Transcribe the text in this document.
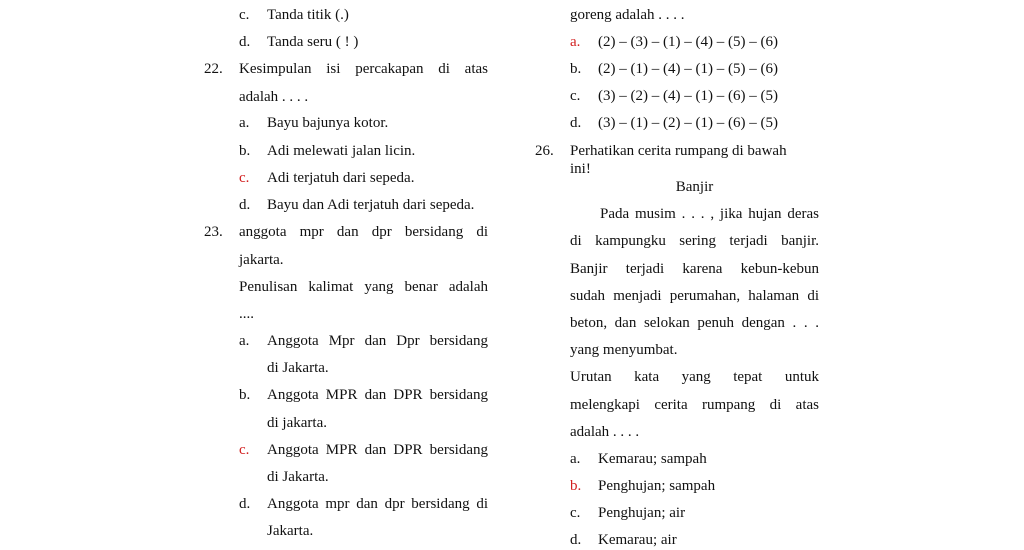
c. Tanda titik (.)
d. Tanda seru ( ! )
22. Kesimpulan isi percakapan di atas
adalah . . . .
a. Bayu bajunya kotor.
b. Adi melewati jalan licin.
c. Adi terjatuh dari sepeda.
d. Bayu dan Adi terjatuh dari sepeda.
23. anggota mpr dan dpr bersidang di
jakarta.
Penulisan kalimat yang benar adalah
....
a. Anggota Mpr dan Dpr bersidang
di Jakarta.
b. Anggota MPR dan DPR bersidang
di jakarta.
c. Anggota MPR dan DPR bersidang
di Jakarta.
d. Anggota mpr dan dpr bersidang di
Jakarta.
goreng adalah . . . .
a. (2) – (3) – (1) – (4) – (5) – (6)
b. (2) – (1) – (4) – (1) – (5) – (6)
c. (3) – (2) – (4) – (1) – (6) – (5)
d. (3) – (1) – (2) – (1) – (6) – (5)
26. Perhatikan cerita rumpang di bawah
ini!
Banjir
Pada musim . . . , jika hujan deras
di kampungku sering terjadi banjir.
Banjir terjadi karena kebun-kebun
sudah menjadi perumahan, halaman di
beton, dan selokan penuh dengan . . .
yang menyumbat.
Urutan kata yang tepat untuk
melengkapi cerita rumpang di atas
adalah . . . .
a. Kemarau; sampah
b. Penghujan; sampah
c. Penghujan; air
d. Kemarau; air
